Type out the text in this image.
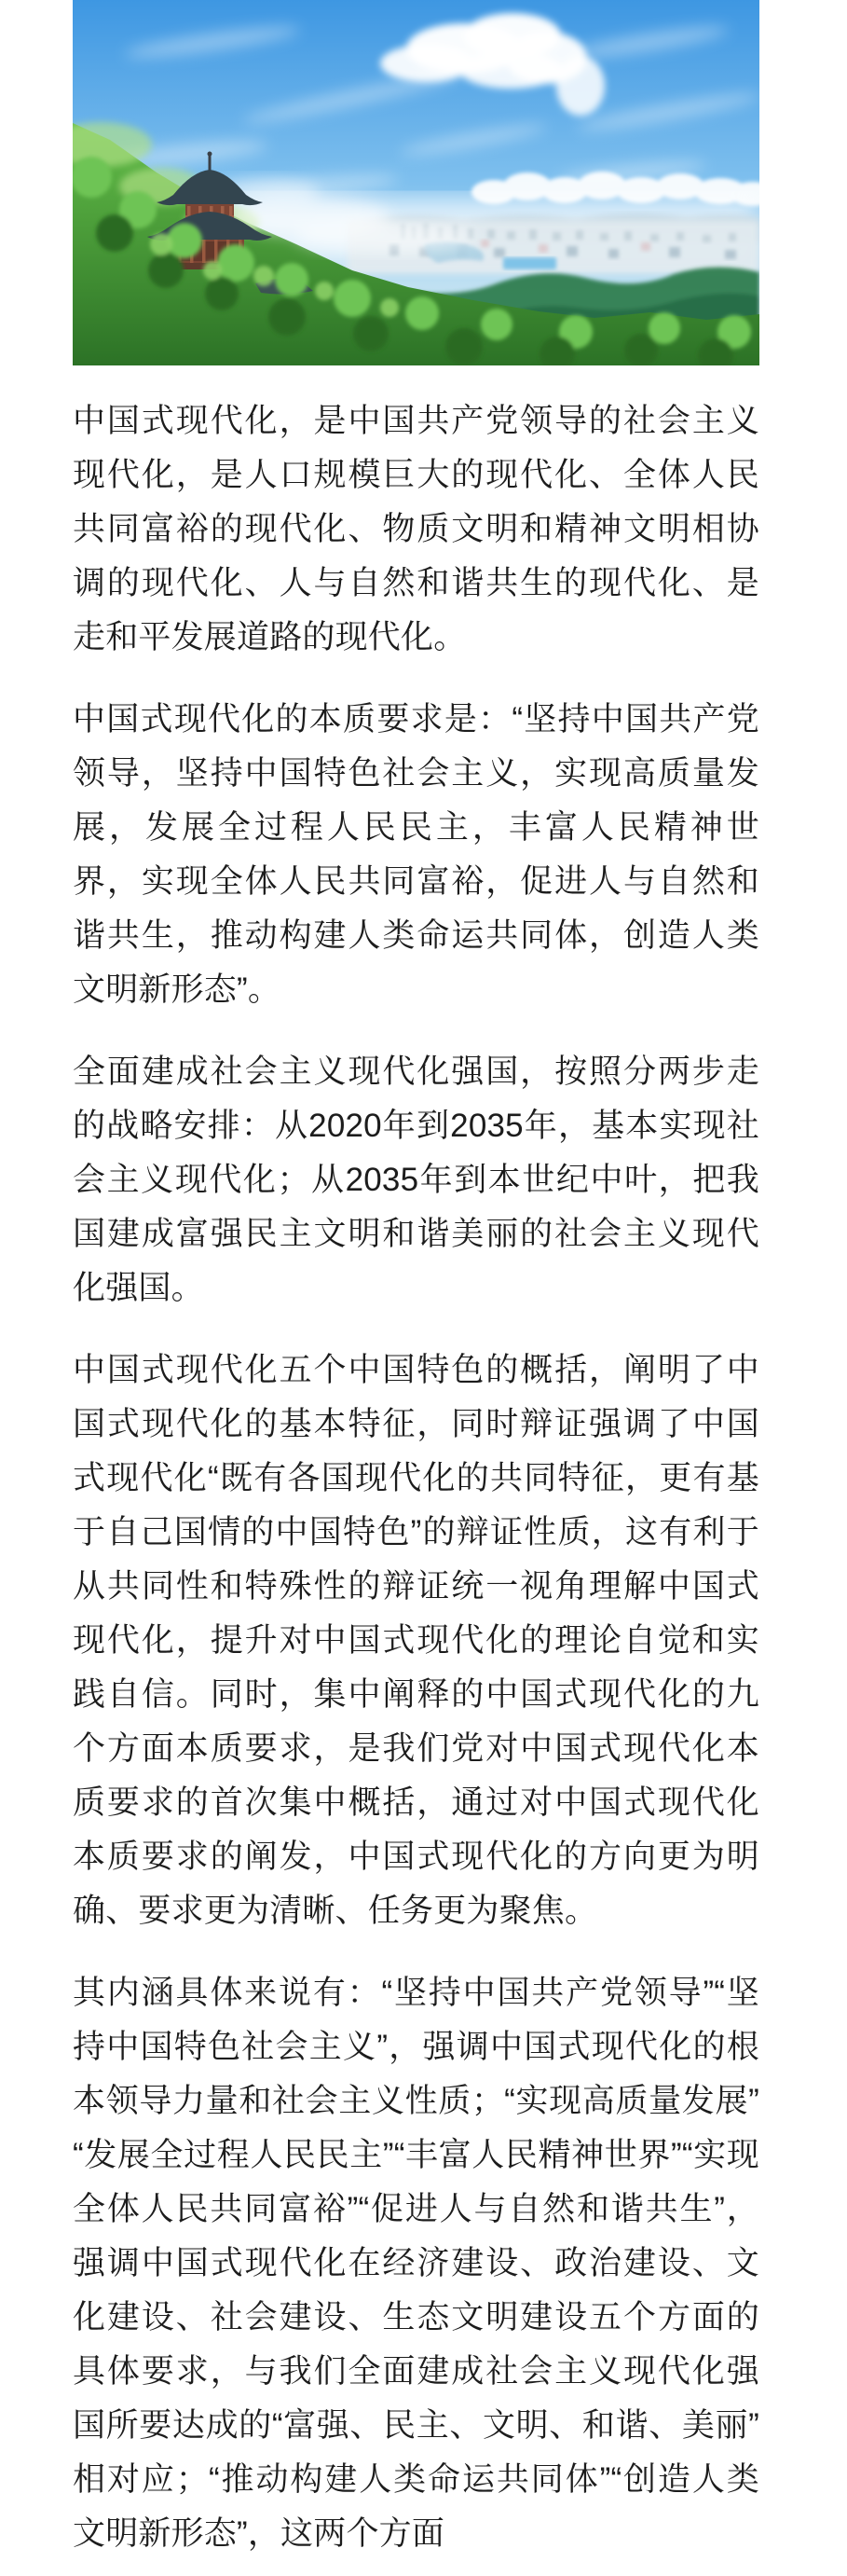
中国式现代化，是中国共产党领导的社会主义现代化，是人口规模巨大的现代化、全体人民共同富裕的现代化、物质文明和精神文明相协调的现代化、人与自然和谐共生的现代化、是走和平发展道路的现代化。

中国式现代化的本质要求是：“坚持中国共产党领导，坚持中国特色社会主义，实现高质量发展，发展全过程人民民主，丰富人民精神世界，实现全体人民共同富裕，促进人与自然和谐共生，推动构建人类命运共同体，创造人类文明新形态”。

全面建成社会主义现代化强国，按照分两步走的战略安排：从2020年到2035年，基本实现社会主义现代化；从2035年到本世纪中叶，把我国建成富强民主文明和谐美丽的社会主义现代化强国。

中国式现代化五个中国特色的概括，阐明了中国式现代化的基本特征，同时辩证强调了中国式现代化“既有各国现代化的共同特征，更有基于自己国情的中国特色”的辩证性质，这有利于从共同性和特殊性的辩证统一视角理解中国式现代化，提升对中国式现代化的理论自觉和实践自信。同时，集中阐释的中国式现代化的九个方面本质要求，是我们党对中国式现代化本质要求的首次集中概括，通过对中国式现代化本质要求的阐发，中国式现代化的方向更为明确、要求更为清晰、任务更为聚焦。

其内涵具体来说有：“坚持中国共产党领导”“坚持中国特色社会主义”，强调中国式现代化的根本领导力量和社会主义性质；“实现高质量发展”“发展全过程人民民主”“丰富人民精神世界”“实现全体人民共同富裕”“促进人与自然和谐共生”，强调中国式现代化在经济建设、政治建设、文化建设、社会建设、生态文明建设五个方面的具体要求，与我们全面建成社会主义现代化强国所要达成的“富强、民主、文明、和谐、美丽”相对应；“推动构建人类命运共同体”“创造人类文明新形态”，这两个方面
